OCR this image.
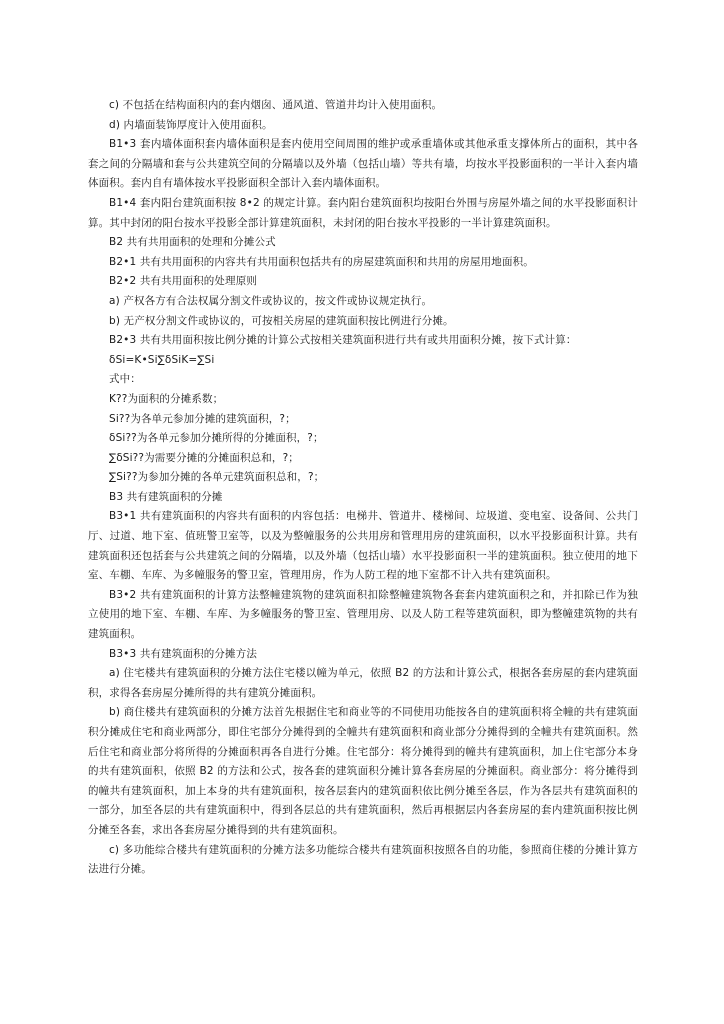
c) 不包括在结构面积内的套内烟囱、通风道、管道井均计入使用面积。

d) 内墙面装饰厚度计入使用面积。

B1•3 套内墙体面积套内墙体面积是套内使用空间周围的维护或承重墙体或其他承重支撑体所占的面积，其中各套之间的分隔墙和套与公共建筑空间的分隔墙以及外墙（包括山墙）等共有墙，均按水平投影面积的一半计入套内墙体面积。套内自有墙体按水平投影面积全部计入套内墙体面积。

B1•4 套内阳台建筑面积按 8•2 的规定计算。套内阳台建筑面积均按阳台外围与房屋外墙之间的水平投影面积计算。其中封闭的阳台按水平投影全部计算建筑面积，未封闭的阳台按水平投影的一半计算建筑面积。

B2 共有共用面积的处理和分摊公式

B2•1 共有共用面积的内容共有共用面积包括共有的房屋建筑面积和共用的房屋用地面积。

B2•2 共有共用面积的处理原则

a) 产权各方有合法权属分割文件或协议的，按文件或协议规定执行。

b) 无产权分割文件或协议的，可按相关房屋的建筑面积按比例进行分摊。

B2•3 共有共用面积按比例分摊的计算公式按相关建筑面积进行共有或共用面积分摊，按下式计算：

δSi=K•Si∑δSiK=∑Si

式中：

K??为面积的分摊系数；

Si??为各单元参加分摊的建筑面积，?；

δSi??为各单元参加分摊所得的分摊面积，?；

∑δSi??为需要分摊的分摊面积总和，?；

∑Si??为参加分摊的各单元建筑面积总和，?；

B3 共有建筑面积的分摊

B3•1 共有建筑面积的内容共有面积的内容包括：电梯井、管道井、楼梯间、垃圾道、变电室、设备间、公共门厅、过道、地下室、值班警卫室等，以及为整幢服务的公共用房和管理用房的建筑面积，以水平投影面积计算。共有建筑面积还包括套与公共建筑之间的分隔墙，以及外墙（包括山墙）水平投影面积一半的建筑面积。独立使用的地下室、车棚、车库、为多幢服务的警卫室，管理用房，作为人防工程的地下室都不计入共有建筑面积。

B3•2 共有建筑面积的计算方法整幢建筑物的建筑面积扣除整幢建筑物各套套内建筑面积之和，并扣除已作为独立使用的地下室、车棚、车库、为多幢服务的警卫室、管理用房、以及人防工程等建筑面积，即为整幢建筑物的共有建筑面积。

B3•3 共有建筑面积的分摊方法

a) 住宅楼共有建筑面积的分摊方法住宅楼以幢为单元，依照 B2 的方法和计算公式，根据各套房屋的套内建筑面积，求得各套房屋分摊所得的共有建筑分摊面积。

b) 商住楼共有建筑面积的分摊方法首先根据住宅和商业等的不同使用功能按各自的建筑面积将全幢的共有建筑面积分摊成住宅和商业两部分，即住宅部分分摊得到的全幢共有建筑面积和商业部分分摊得到的全幢共有建筑面积。然后住宅和商业部分将所得的分摊面积再各自进行分摊。住宅部分：将分摊得到的幢共有建筑面积，加上住宅部分本身的共有建筑面积，依照 B2 的方法和公式，按各套的建筑面积分摊计算各套房屋的分摊面积。商业部分：将分摊得到的幢共有建筑面积，加上本身的共有建筑面积，按各层套内的建筑面积依比例分摊至各层，作为各层共有建筑面积的一部分，加至各层的共有建筑面积中，得到各层总的共有建筑面积，然后再根据层内各套房屋的套内建筑面积按比例分摊至各套，求出各套房屋分摊得到的共有建筑面积。

c) 多功能综合楼共有建筑面积的分摊方法多功能综合楼共有建筑面积按照各自的功能，参照商住楼的分摊计算方法进行分摊。
